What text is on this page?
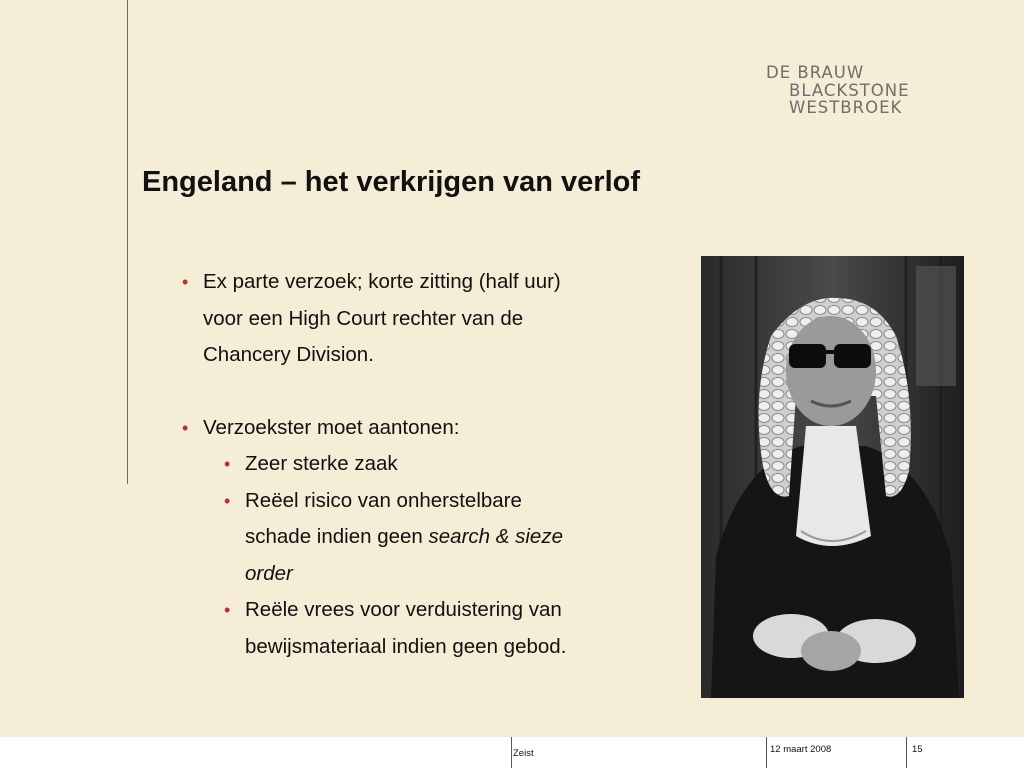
DE BRAUW
BLACKSTONE
WESTBROEK
Engeland – het verkrijgen van verlof
• Ex parte verzoek; korte zitting (half uur)
voor een High Court rechter van de
Chancery Division.
• Verzoekster moet aantonen:
• Zeer sterke zaak
• Reëel risico van onherstelbare
schade indien geen search & sieze
order
• Reële vrees voor verduistering van
bewijsmateriaal indien geen gebod.
Zeist	12 maart 2008	15
